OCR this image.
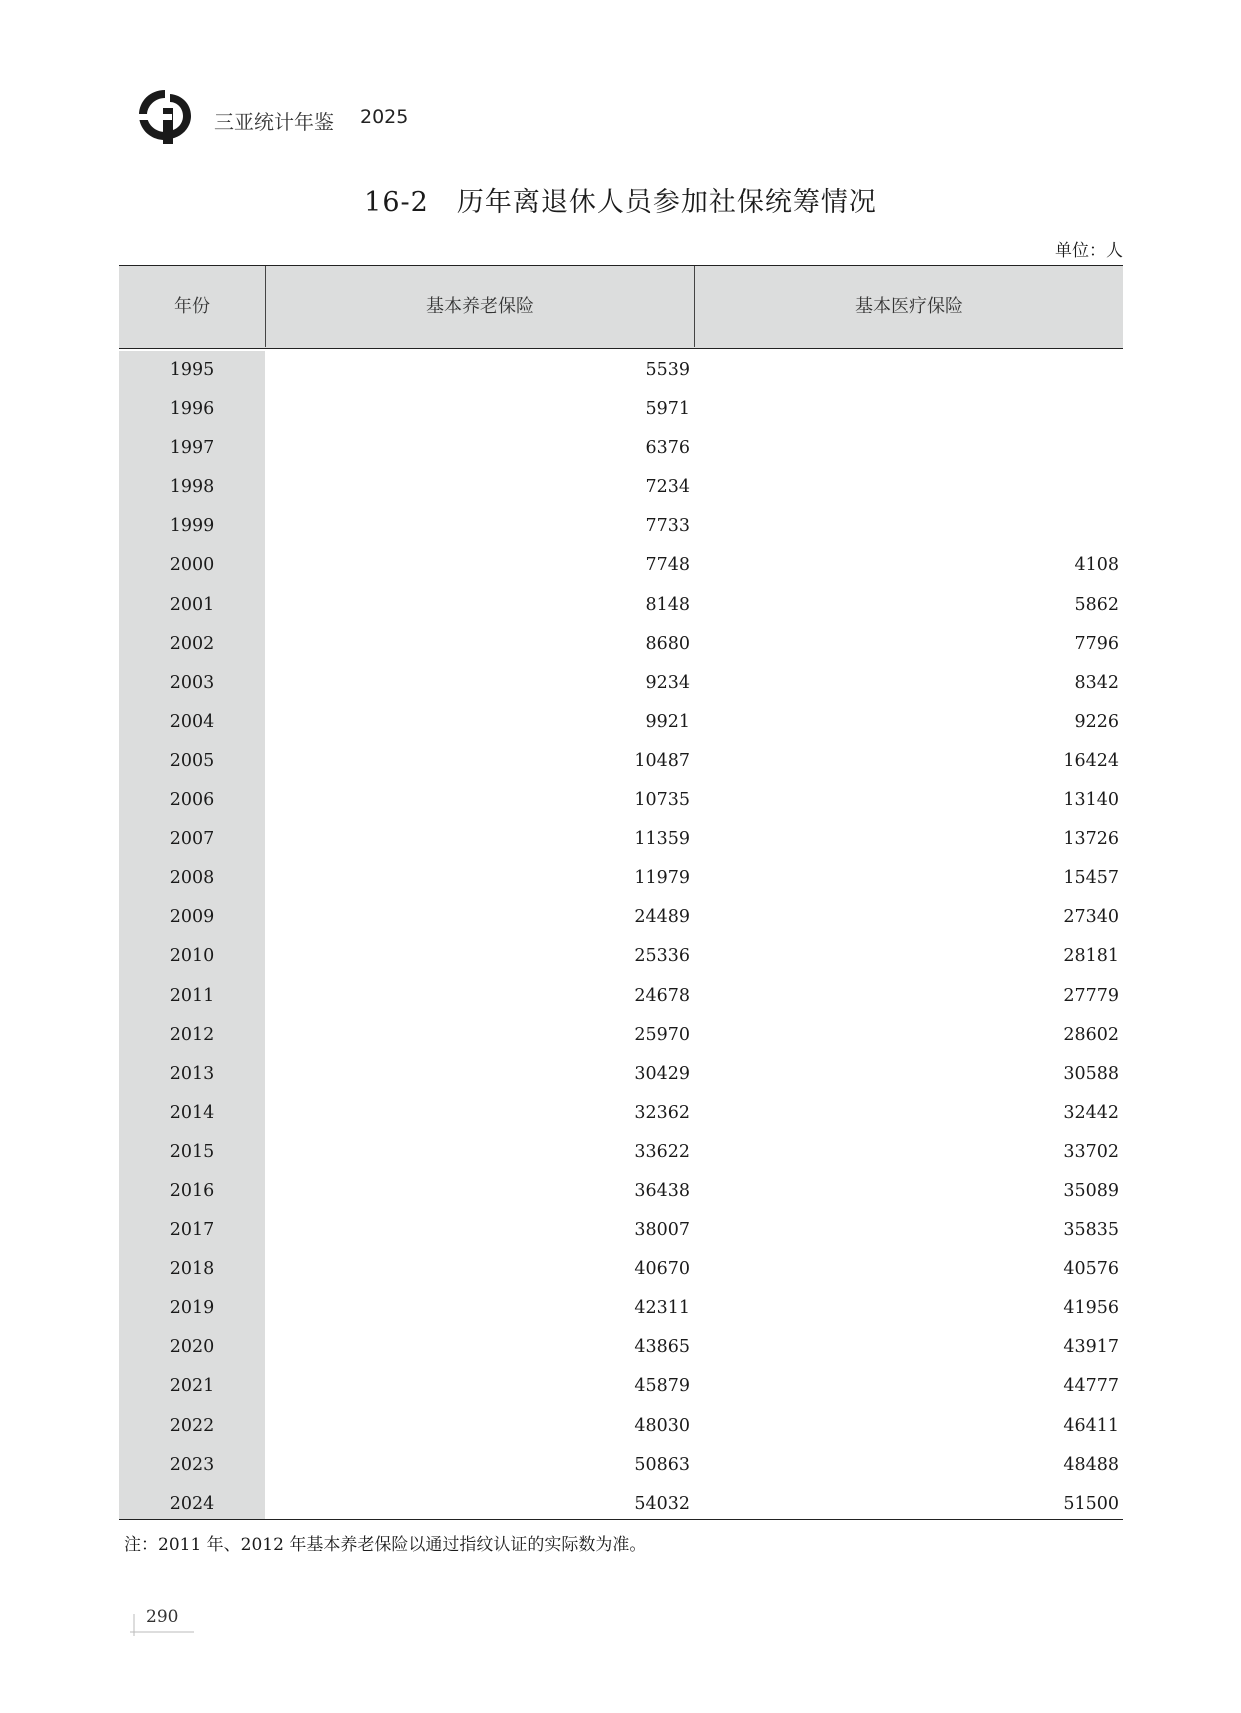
三亚统计年鉴 2025
16-2　历年离退休人员参加社保统筹情况
单位：人
年份	基本养老保险	基本医疗保险
1995	5539
1996	5971
1997	6376
1998	7234
1999	7733
2000	7748	4108
2001	8148	5862
2002	8680	7796
2003	9234	8342
2004	9921	9226
2005	10487	16424
2006	10735	13140
2007	11359	13726
2008	11979	15457
2009	24489	27340
2010	25336	28181
2011	24678	27779
2012	25970	28602
2013	30429	30588
2014	32362	32442
2015	33622	33702
2016	36438	35089
2017	38007	35835
2018	40670	40576
2019	42311	41956
2020	43865	43917
2021	45879	44777
2022	48030	46411
2023	50863	48488
2024	54032	51500
注：2011 年、2012 年基本养老保险以通过指纹认证的实际数为准。
290
